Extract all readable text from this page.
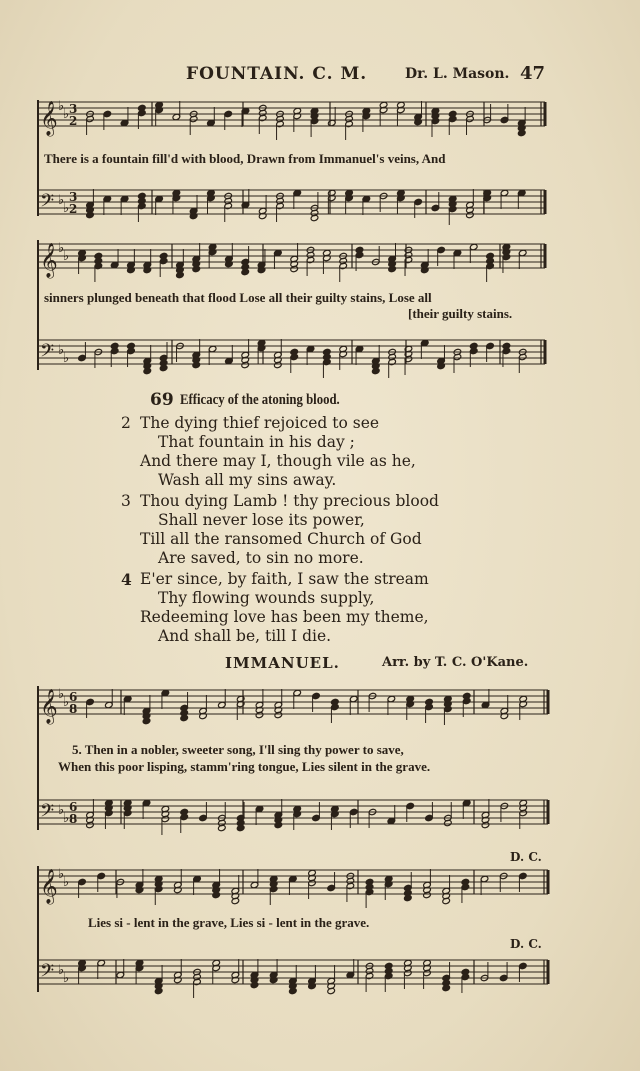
FOUNTAIN. C. M.	Dr. L. Mason. 47
𝄞 ♭
♭ 3
2
𝄢 ♭
♭
3
2
𝄞 ♭
♭
𝄢 ♭
♭
𝄞 ♭
♭ 6
8
𝄢 ♭
♭
6
8
𝄞 ♭
♭
𝄢 ♭
♭
There is a fountain fill'd with blood, Drawn from Immanuel's veins, And
sinners plunged beneath that flood Lose all their guilty stains, Lose all
[their guilty stains.
69 Efficacy of the atoning blood.
2 The dying thief rejoiced to see
That fountain in his day ;
And there may I, though vile as he,
Wash all my sins away.
3 Thou dying Lamb ! thy precious blood
Shall never lose its power,
Till all the ransomed Church of God
Are saved, to sin no more.
4 E'er since, by faith, I saw the stream
Thy flowing wounds supply,
Redeeming love has been my theme,
And shall be, till I die.
IMMANUEL.	Arr. by T. C. O'Kane.
5. Then in a nobler, sweeter song, I'll sing thy power to save,
When this poor lisping, stamm'ring tongue, Lies silent in the grave.
Lies si - lent in the grave, Lies si - lent in the grave.
D. C.
D. C.
